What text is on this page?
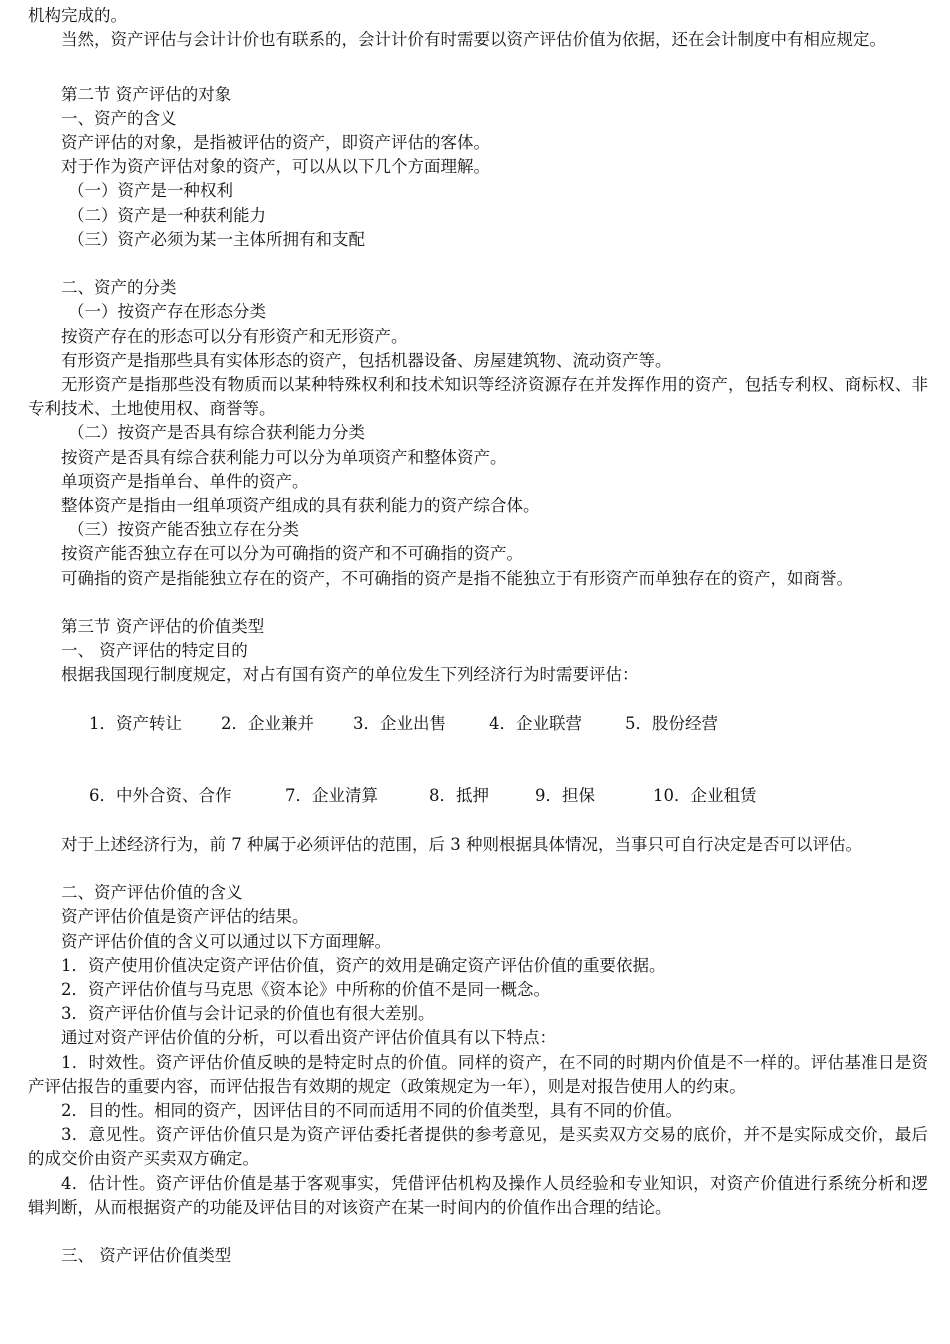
机构完成的。

当然，资产评估与会计计价也有联系的，会计计价有时需要以资产评估价值为依据，还在会计制度中有相应规定。

第二节 资产评估的对象

一、资产的含义

资产评估的对象，是指被评估的资产，即资产评估的客体。

对于作为资产评估对象的资产，可以从以下几个方面理解。

（一）资产是一种权利

（二）资产是一种获利能力

（三）资产必须为某一主体所拥有和支配

二、资产的分类

（一）按资产存在形态分类

按资产存在的形态可以分有形资产和无形资产。

有形资产是指那些具有实体形态的资产，包括机器设备、房屋建筑物、流动资产等。

无形资产是指那些没有物质而以某种特殊权利和技术知识等经济资源存在并发挥作用的资产，包括专利权、商标权、非专利技术、土地使用权、商誉等。

（二）按资产是否具有综合获利能力分类

按资产是否具有综合获利能力可以分为单项资产和整体资产。

单项资产是指单台、单件的资产。

整体资产是指由一组单项资产组成的具有获利能力的资产综合体。

（三）按资产能否独立存在分类

按资产能否独立存在可以分为可确指的资产和不可确指的资产。

可确指的资产是指能独立存在的资产，不可确指的资产是指不能独立于有形资产而单独存在的资产，如商誉。

第三节 资产评估的价值类型

一、 资产评估的特定目的

根据我国现行制度规定，对占有国有资产的单位发生下列经济行为时需要评估：

1．资产转让 2．企业兼并 3．企业出售	4．企业联营	5．股份经营

6．中外合资、合作	7．企业清算	8．抵押	9．担保	10．企业租赁

对于上述经济行为，前 7 种属于必须评估的范围，后 3 种则根据具体情况，当事只可自行决定是否可以评估。

二、资产评估价值的含义

资产评估价值是资产评估的结果。

资产评估价值的含义可以通过以下方面理解。

1．资产使用价值决定资产评估价值，资产的效用是确定资产评估价值的重要依据。

2．资产评估价值与马克思《资本论》中所称的价值不是同一概念。

3．资产评估价值与会计记录的价值也有很大差别。

通过对资产评估价值的分析，可以看出资产评估价值具有以下特点：

1．时效性。资产评估价值反映的是特定时点的价值。同样的资产，在不同的时期内价值是不一样的。评估基准日是资产评估报告的重要内容，而评估报告有效期的规定（政策规定为一年），则是对报告使用人的约束。

2．目的性。相同的资产，因评估目的不同而适用不同的价值类型，具有不同的价值。

3．意见性。资产评估价值只是为资产评估委托者提供的参考意见，是买卖双方交易的底价，并不是实际成交价，最后的成交价由资产买卖双方确定。

4．估计性。资产评估价值是基于客观事实，凭借评估机构及操作人员经验和专业知识，对资产价值进行系统分析和逻辑判断，从而根据资产的功能及评估目的对该资产在某一时间内的价值作出合理的结论。

三、 资产评估价值类型
